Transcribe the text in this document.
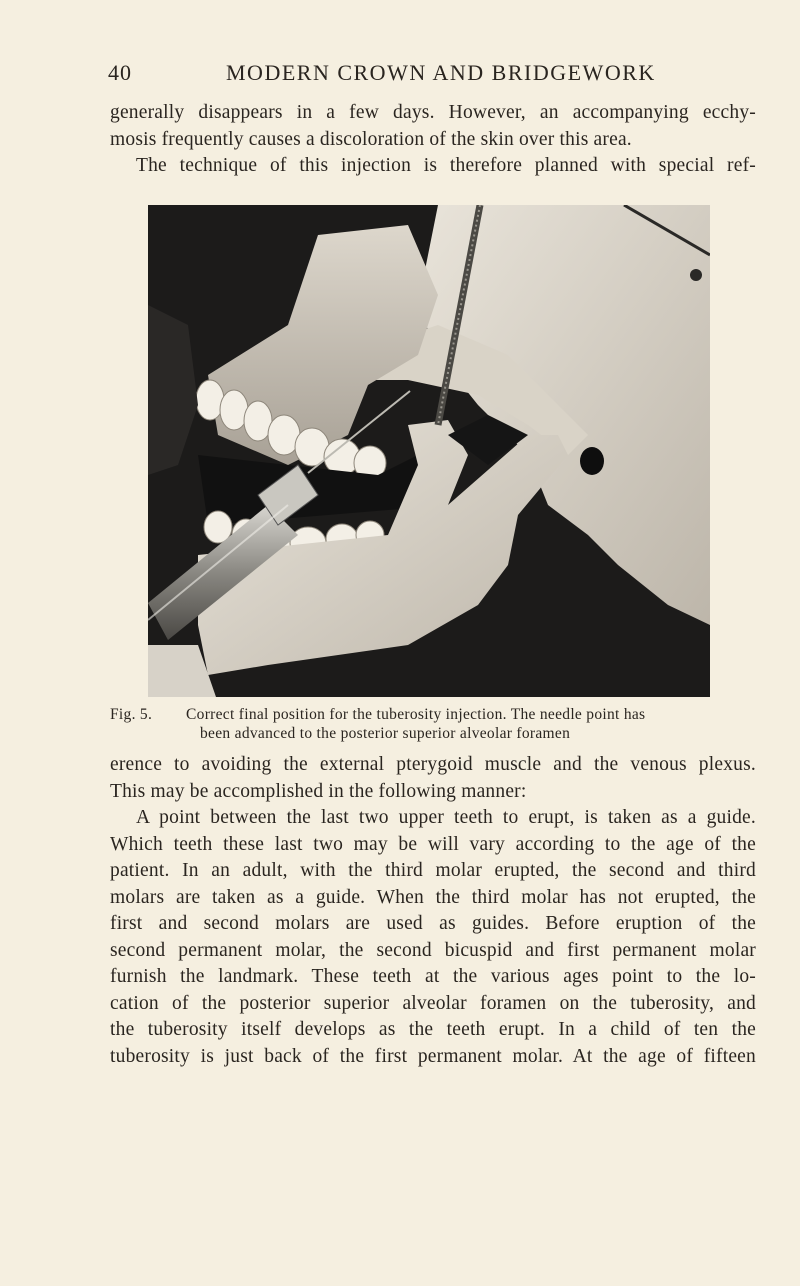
40	MODERN CROWN AND BRIDGEWORK
generally disappears in a few days. However, an accompanying ecchy-
mosis frequently causes a discoloration of the skin over this area.
The technique of this injection is therefore planned with special ref-
Fig. 5. Correct final position for the tuberosity injection. The needle point has
been advanced to the posterior superior alveolar foramen
erence to avoiding the external pterygoid muscle and the venous plexus.
This may be accomplished in the following manner:
A point between the last two upper teeth to erupt, is taken as a guide.
Which teeth these last two may be will vary according to the age of the
patient. In an adult, with the third molar erupted, the second and third
molars are taken as a guide. When the third molar has not erupted, the
first and second molars are used as guides. Before eruption of the
second permanent molar, the second bicuspid and first permanent molar
furnish the landmark. These teeth at the various ages point to the lo-
cation of the posterior superior alveolar foramen on the tuberosity, and
the tuberosity itself develops as the teeth erupt. In a child of ten the
tuberosity is just back of the first permanent molar. At the age of fifteen
